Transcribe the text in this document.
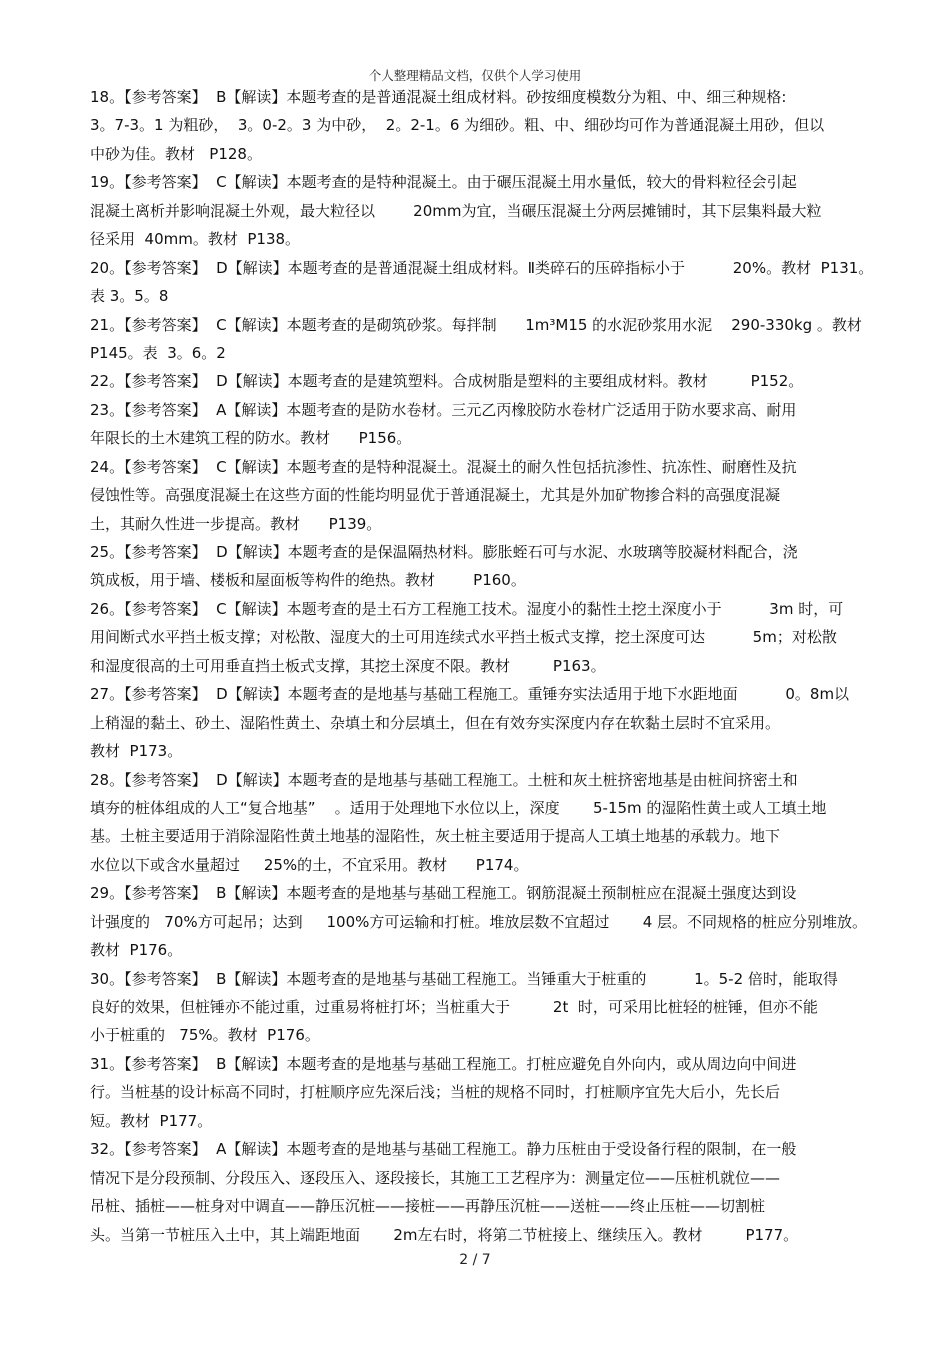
个人整理精品文档，仅供个人学习使用
18。【参考答案】  B【解读】本题考查的是普通混凝土组成材料。砂按细度模数分为粗、中、细三种规格:
3。7-3。1 为粗砂，  3。0-2。3 为中砂，  2。2-1。6 为细砂。粗、中、细砂均可作为普通混凝土用砂，但以
中砂为佳。教材   P128。
19。【参考答案】  C【解读】本题考查的是特种混凝土。由于碾压混凝土用水量低，较大的骨料粒径会引起
混凝土离析并影响混凝土外观，最大粒径以        20mm为宜，当碾压混凝土分两层摊铺时，其下层集料最大粒
径采用  40mm。教材  P138。
20。【参考答案】  D【解读】本题考查的是普通混凝土组成材料。Ⅱ类碎石的压碎指标小于          20%。教材  P131。
表 3。5。8
21。【参考答案】  C【解读】本题考查的是砌筑砂浆。每拌制      1m³M15 的水泥砂浆用水泥    290-330kg 。教材
P145。表  3。6。2
22。【参考答案】  D【解读】本题考查的是建筑塑料。合成树脂是塑料的主要组成材料。教材         P152。
23。【参考答案】  A【解读】本题考查的是防水卷材。三元乙丙橡胶防水卷材广泛适用于防水要求高、耐用
年限长的土木建筑工程的防水。教材      P156。
24。【参考答案】  C【解读】本题考查的是特种混凝土。混凝土的耐久性包括抗渗性、抗冻性、耐磨性及抗
侵蚀性等。高强度混凝土在这些方面的性能均明显优于普通混凝土，尤其是外加矿物掺合料的高强度混凝
土，其耐久性进一步提高。教材      P139。
25。【参考答案】  D【解读】本题考查的是保温隔热材料。膨胀蛭石可与水泥、水玻璃等胶凝材料配合，浇
筑成板，用于墙、楼板和屋面板等构件的绝热。教材        P160。
26。【参考答案】  C【解读】本题考查的是土石方工程施工技术。湿度小的黏性土挖土深度小于          3m 时，可
用间断式水平挡土板支撑；对松散、湿度大的土可用连续式水平挡土板式支撑，挖土深度可达          5m；对松散
和湿度很高的土可用垂直挡土板式支撑，其挖土深度不限。教材         P163。
27。【参考答案】  D【解读】本题考查的是地基与基础工程施工。重锤夯实法适用于地下水距地面          0。8m以
上稍湿的黏土、砂土、湿陷性黄土、杂填土和分层填土，但在有效夯实深度内存在软黏土层时不宜采用。
教材  P173。
28。【参考答案】  D【解读】本题考查的是地基与基础工程施工。土桩和灰土桩挤密地基是由桩间挤密土和
填夯的桩体组成的人工“复合地基”    。适用于处理地下水位以上，深度       5-15m 的湿陷性黄土或人工填土地
基。土桩主要适用于消除湿陷性黄土地基的湿陷性，灰土桩主要适用于提高人工填土地基的承载力。地下
水位以下或含水量超过     25%的土，不宜采用。教材      P174。
29。【参考答案】  B【解读】本题考查的是地基与基础工程施工。钢筋混凝土预制桩应在混凝土强度达到设
计强度的   70%方可起吊；达到     100%方可运输和打桩。堆放层数不宜超过       4 层。不同规格的桩应分别堆放。
教材  P176。
30。【参考答案】  B【解读】本题考查的是地基与基础工程施工。当锤重大于桩重的          1。5-2 倍时，能取得
良好的效果，但桩锤亦不能过重，过重易将桩打坏；当桩重大于         2t  时，可采用比桩轻的桩锤，但亦不能
小于桩重的   75%。教材  P176。
31。【参考答案】  B【解读】本题考查的是地基与基础工程施工。打桩应避免自外向内，或从周边向中间进
行。当桩基的设计标高不同时，打桩顺序应先深后浅；当桩的规格不同时，打桩顺序宜先大后小，先长后
短。教材  P177。
32。【参考答案】  A【解读】本题考查的是地基与基础工程施工。静力压桩由于受设备行程的限制，在一般
情况下是分段预制、分段压入、逐段压入、逐段接长，其施工工艺程序为：测量定位——压桩机就位——
吊桩、插桩——桩身对中调直——静压沉桩——接桩——再静压沉桩——送桩——终止压桩——切割桩
头。当第一节桩压入土中，其上端距地面       2m左右时，将第二节桩接上、继续压入。教材         P177。
2 / 7
